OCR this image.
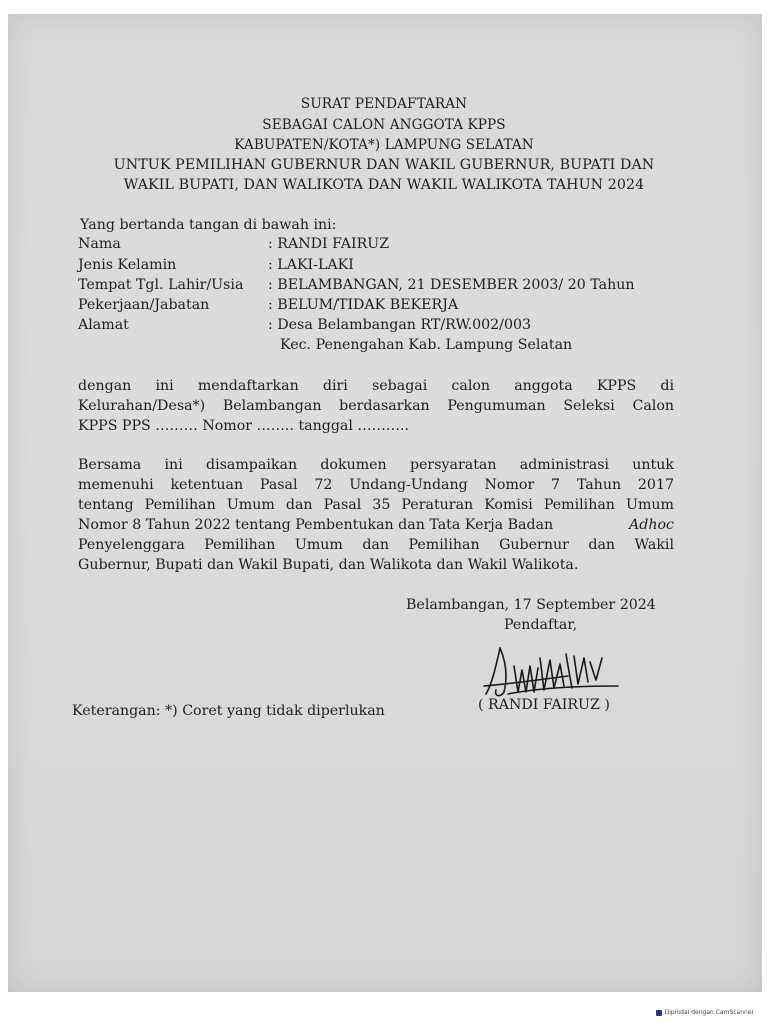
SURAT PENDAFTARAN
SEBAGAI CALON ANGGOTA KPPS
KABUPATEN/KOTA*) LAMPUNG SELATAN
UNTUK PEMILIHAN GUBERNUR DAN WAKIL GUBERNUR, BUPATI DAN
WAKIL BUPATI, DAN WALIKOTA DAN WAKIL WALIKOTA TAHUN 2024
Yang bertanda tangan di bawah ini:
Nama	: RANDI FAIRUZ
Jenis Kelamin	: LAKI-LAKI
Tempat Tgl. Lahir/Usia : BELAMBANGAN, 21 DESEMBER 2003/ 20 Tahun
Pekerjaan/Jabatan	: BELUM/TIDAK BEKERJA
Alamat	: Desa Belambangan RT/RW.002/003
Kec. Penengahan Kab. Lampung Selatan
dengan ini mendaftarkan diri sebagai calon anggota KPPS di
Kelurahan/Desa*) Belambangan berdasarkan Pengumuman Seleksi Calon
KPPS PPS ……… Nomor …….. tanggal ………..
Bersama ini disampaikan dokumen persyaratan administrasi untuk
memenuhi ketentuan Pasal 72 Undang-Undang Nomor 7 Tahun 2017
tentang Pemilihan Umum dan Pasal 35 Peraturan Komisi Pemilihan Umum
Nomor 8 Tahun 2022 tentang Pembentukan dan Tata Kerja Badan	Adhoc
Penyelenggara Pemilihan Umum dan Pemilihan Gubernur dan Wakil
Gubernur, Bupati dan Wakil Bupati, dan Walikota dan Wakil Walikota.
Belambangan, 17 September 2024
Pendaftar,
( RANDI FAIRUZ )
Keterangan: *) Coret yang tidak diperlukan
Dipindai dengan CamScanner
